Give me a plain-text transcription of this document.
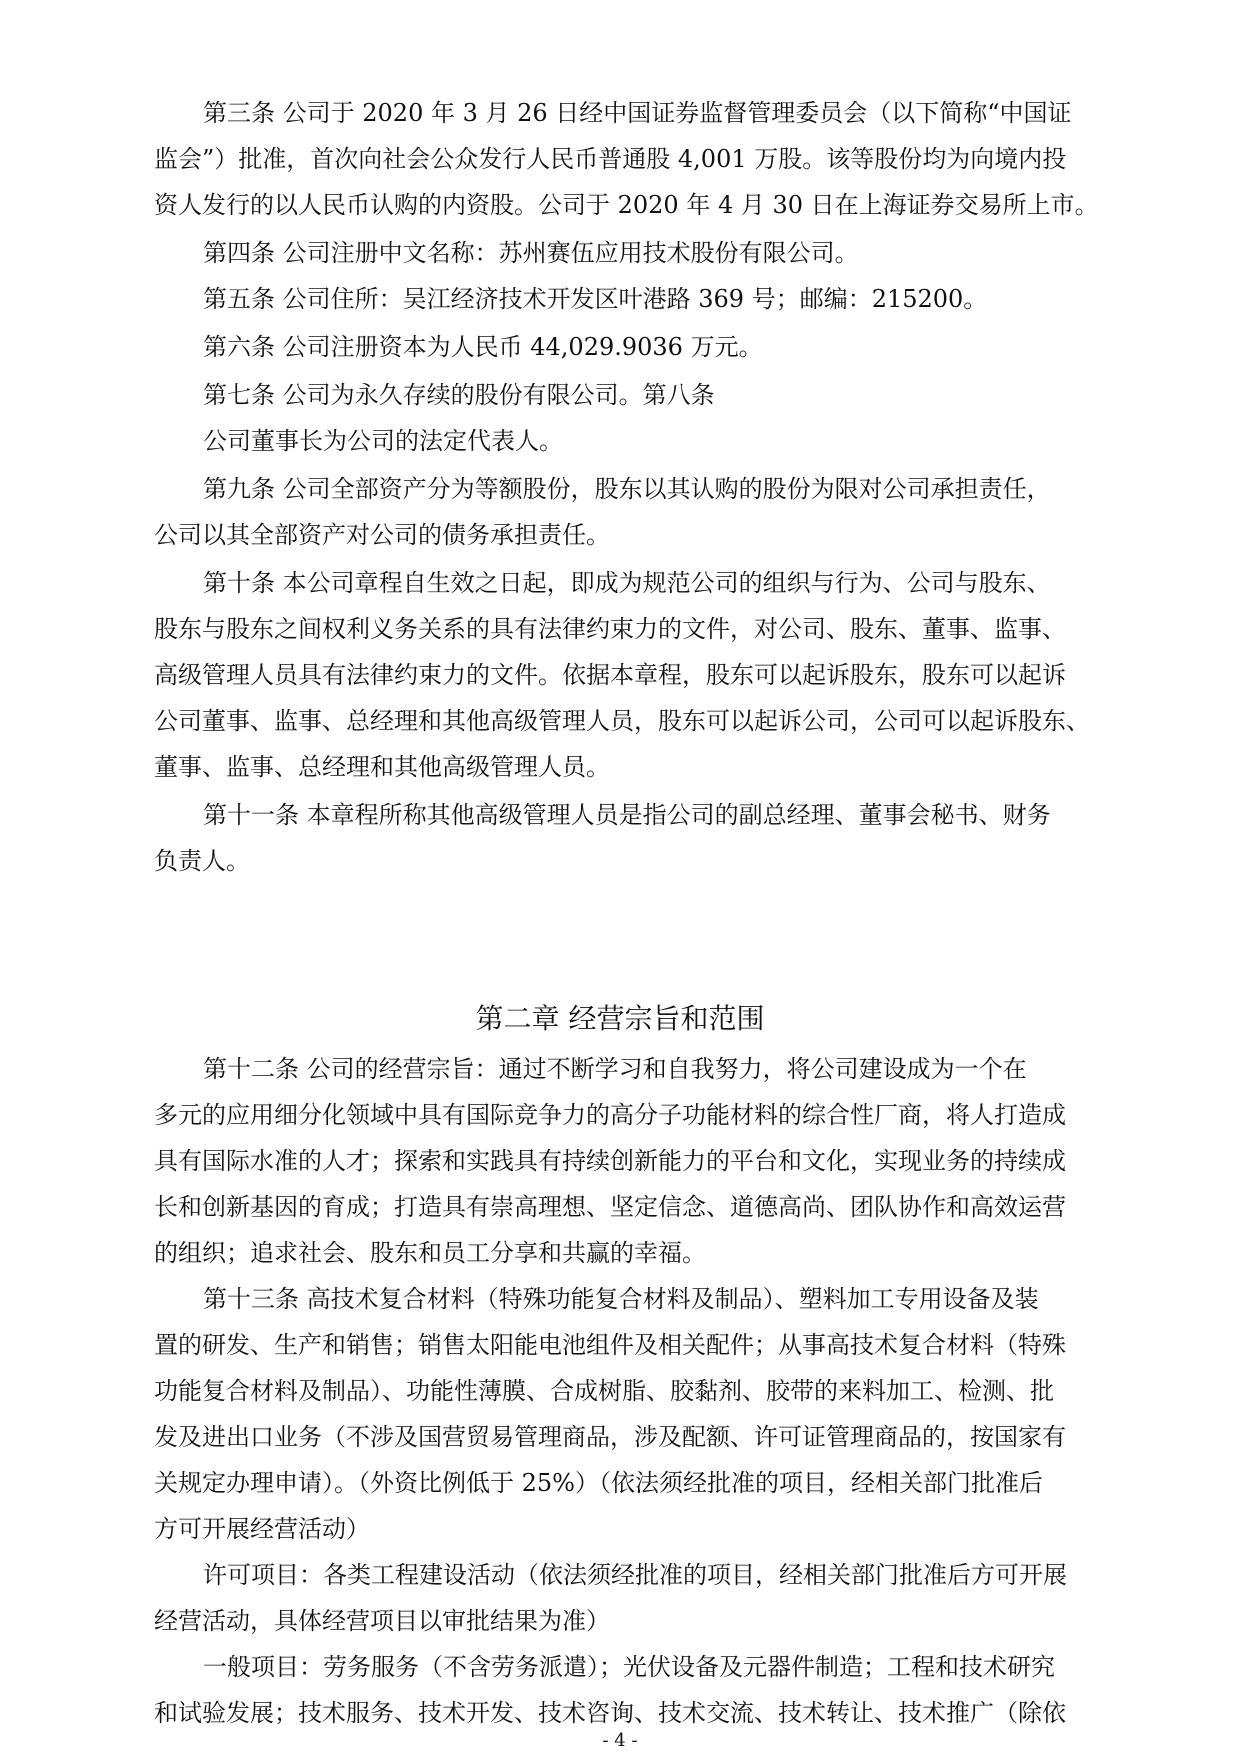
第三条 公司于 2020 年 3 月 26 日经中国证券监督管理委员会（以下简称“中国证
监会”）批准，首次向社会公众发行人民币普通股 4,001 万股。该等股份均为向境内投
资人发行的以人民币认购的内资股。公司于 2020 年 4 月 30 日在上海证券交易所上市。
第四条 公司注册中文名称：苏州赛伍应用技术股份有限公司。
第五条 公司住所：吴江经济技术开发区叶港路 369 号；邮编：215200。
第六条 公司注册资本为人民币 44,029.9036 万元。
第七条 公司为永久存续的股份有限公司。第八条
公司董事长为公司的法定代表人。
第九条 公司全部资产分为等额股份，股东以其认购的股份为限对公司承担责任，
公司以其全部资产对公司的债务承担责任。
第十条 本公司章程自生效之日起，即成为规范公司的组织与行为、公司与股东、
股东与股东之间权利义务关系的具有法律约束力的文件，对公司、股东、董事、监事、
高级管理人员具有法律约束力的文件。依据本章程，股东可以起诉股东，股东可以起诉
公司董事、监事、总经理和其他高级管理人员，股东可以起诉公司，公司可以起诉股东、
董事、监事、总经理和其他高级管理人员。
第十一条 本章程所称其他高级管理人员是指公司的副总经理、董事会秘书、财务
负责人。
第二章 经营宗旨和范围
第十二条 公司的经营宗旨：通过不断学习和自我努力，将公司建设成为一个在
多元的应用细分化领域中具有国际竞争力的高分子功能材料的综合性厂商，将人打造成
具有国际水准的人才；探索和实践具有持续创新能力的平台和文化，实现业务的持续成
长和创新基因的育成；打造具有崇高理想、坚定信念、道德高尚、团队协作和高效运营
的组织；追求社会、股东和员工分享和共赢的幸福。
第十三条 高技术复合材料（特殊功能复合材料及制品）、塑料加工专用设备及装
置的研发、生产和销售；销售太阳能电池组件及相关配件；从事高技术复合材料（特殊
功能复合材料及制品）、功能性薄膜、合成树脂、胶黏剂、胶带的来料加工、检测、批
发及进出口业务（不涉及国营贸易管理商品，涉及配额、许可证管理商品的，按国家有
关规定办理申请）。（外资比例低于 25%）（依法须经批准的项目，经相关部门批准后
方可开展经营活动）
许可项目：各类工程建设活动（依法须经批准的项目，经相关部门批准后方可开展
经营活动，具体经营项目以审批结果为准）
一般项目：劳务服务（不含劳务派遣）；光伏设备及元器件制造；工程和技术研究
和试验发展；技术服务、技术开发、技术咨询、技术交流、技术转让、技术推广（除依
- 4 -
